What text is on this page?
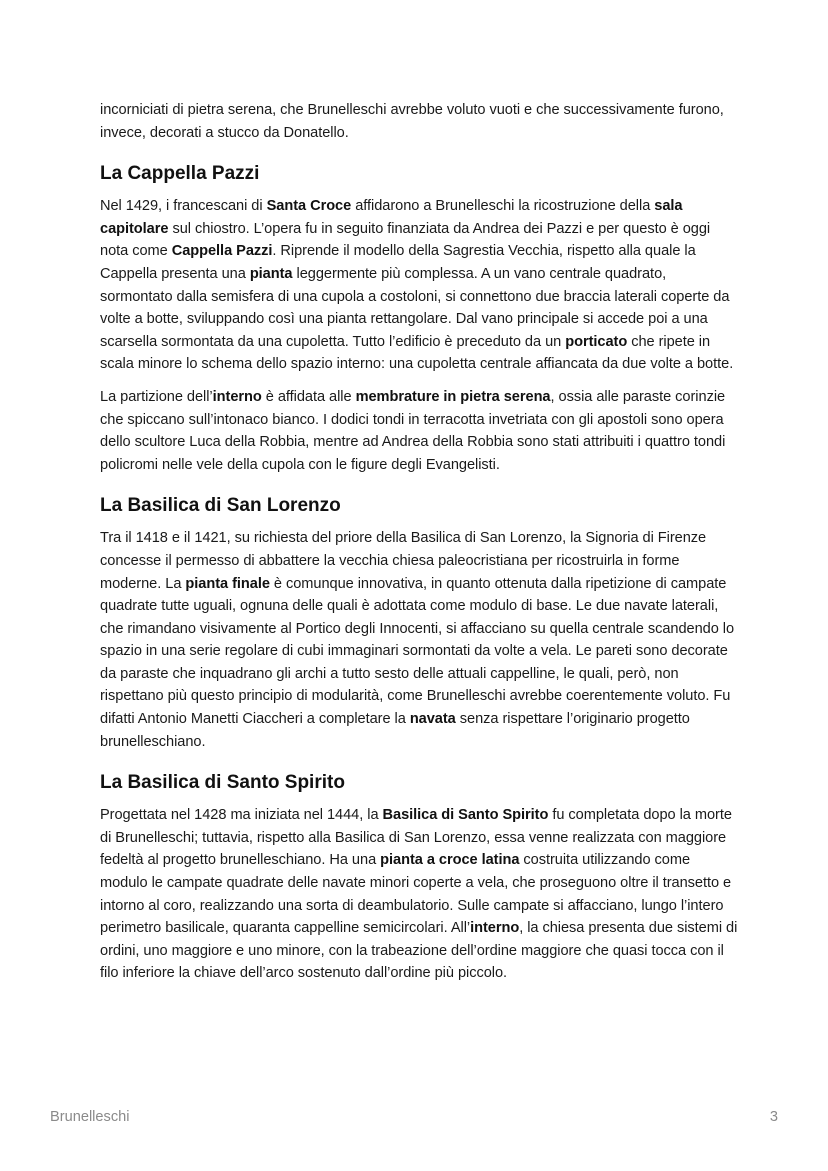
incorniciati di pietra serena, che Brunelleschi avrebbe voluto vuoti e che successivamente furono, invece, decorati a stucco da Donatello.

La Cappella Pazzi

Nel 1429, i francescani di Santa Croce affidarono a Brunelleschi la ricostruzione della sala capitolare sul chiostro. L’opera fu in seguito finanziata da Andrea dei Pazzi e per questo è oggi nota come Cappella Pazzi. Riprende il modello della Sagrestia Vecchia, rispetto alla quale la Cappella presenta una pianta leggermente più complessa. A un vano centrale quadrato, sormontato dalla semisfera di una cupola a costoloni, si connettono due braccia laterali coperte da volte a botte, sviluppando così una pianta rettangolare. Dal vano principale si accede poi a una scarsella sormontata da una cupoletta. Tutto l’edificio è preceduto da un porticato che ripete in scala minore lo schema dello spazio interno: una cupoletta centrale affiancata da due volte a botte.

La partizione dell’interno è affidata alle membrature in pietra serena, ossia alle paraste corinzie che spiccano sull’intonaco bianco. I dodici tondi in terracotta invetriata con gli apostoli sono opera dello scultore Luca della Robbia, mentre ad Andrea della Robbia sono stati attribuiti i quattro tondi policromi nelle vele della cupola con le figure degli Evangelisti.

La Basilica di San Lorenzo

Tra il 1418 e il 1421, su richiesta del priore della Basilica di San Lorenzo, la Signoria di Firenze concesse il permesso di abbattere la vecchia chiesa paleocristiana per ricostruirla in forme moderne. La pianta finale è comunque innovativa, in quanto ottenuta dalla ripetizione di campate quadrate tutte uguali, ognuna delle quali è adottata come modulo di base. Le due navate laterali, che rimandano visivamente al Portico degli Innocenti, si affacciano su quella centrale scandendo lo spazio in una serie regolare di cubi immaginari sormontati da volte a vela. Le pareti sono decorate da paraste che inquadrano gli archi a tutto sesto delle attuali cappelline, le quali, però, non rispettano più questo principio di modularità, come Brunelleschi avrebbe coerentemente voluto. Fu difatti Antonio Manetti Ciaccheri a completare la navata senza rispettare l’originario progetto brunelleschiano.

La Basilica di Santo Spirito

Progettata nel 1428 ma iniziata nel 1444, la Basilica di Santo Spirito fu completata dopo la morte di Brunelleschi; tuttavia, rispetto alla Basilica di San Lorenzo, essa venne realizzata con maggiore fedeltà al progetto brunelleschiano. Ha una pianta a croce latina costruita utilizzando come modulo le campate quadrate delle navate minori coperte a vela, che proseguono oltre il transetto e intorno al coro, realizzando una sorta di deambulatorio. Sulle campate si affacciano, lungo l’intero perimetro basilicale, quaranta cappelline semicircolari. All’interno, la chiesa presenta due sistemi di ordini, uno maggiore e uno minore, con la trabeazione dell’ordine maggiore che quasi tocca con il filo inferiore la chiave dell’arco sostenuto dall’ordine più piccolo.

Brunelleschi	3
